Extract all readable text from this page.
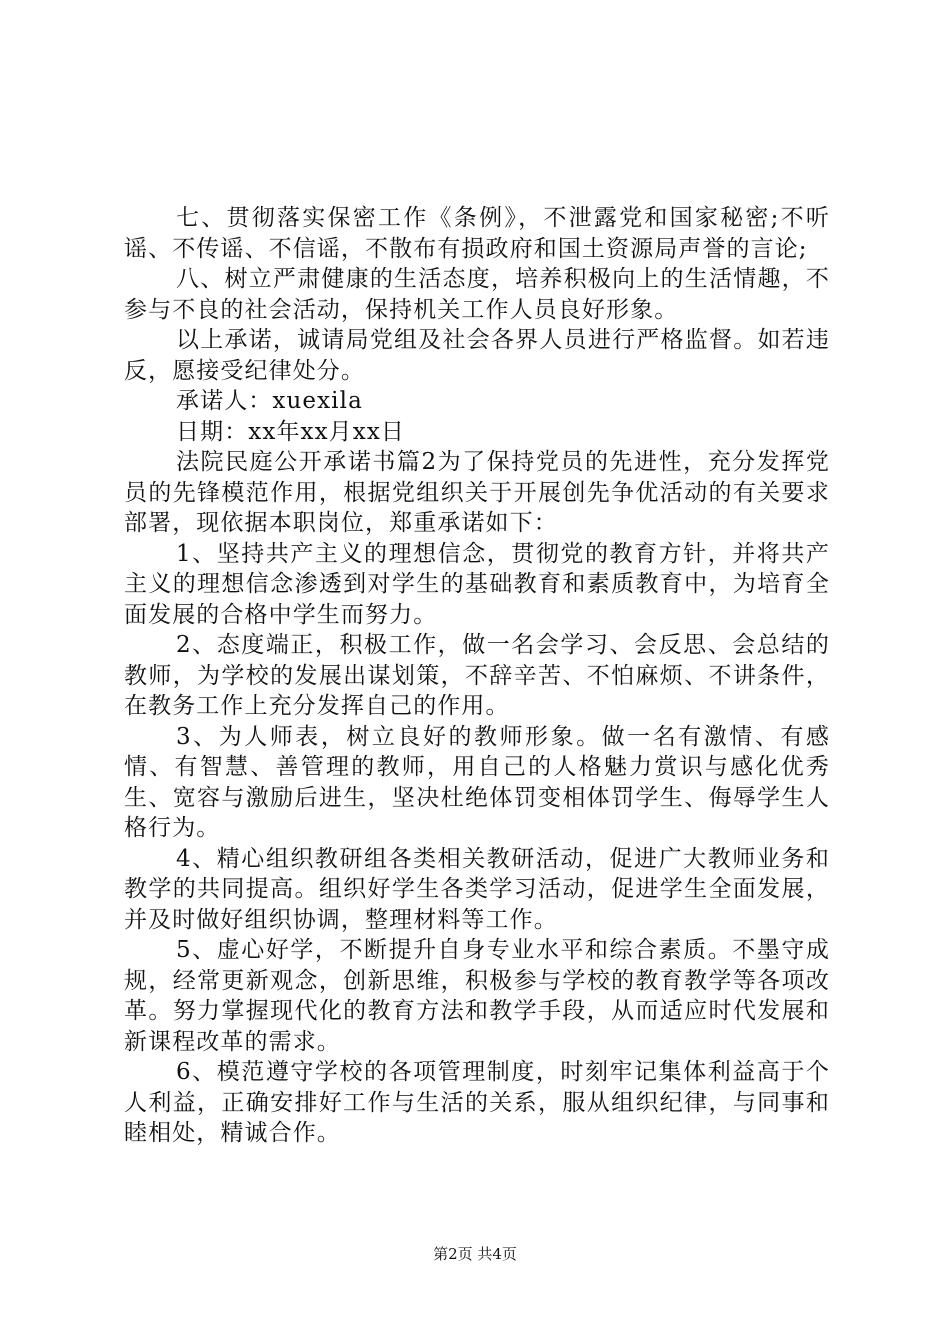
七、贯彻落实保密工作《条例》，不泄露党和国家秘密;不听谣、不传谣、不信谣，不散布有损政府和国土资源局声誉的言论;

八、树立严肃健康的生活态度，培养积极向上的生活情趣，不参与不良的社会活动，保持机关工作人员良好形象。

以上承诺，诚请局党组及社会各界人员进行严格监督。如若违反，愿接受纪律处分。

承诺人：xuexila

日期：xx年xx月xx日

法院民庭公开承诺书篇2为了保持党员的先进性，充分发挥党员的先锋模范作用，根据党组织关于开展创先争优活动的有关要求部署，现依据本职岗位，郑重承诺如下：

1、坚持共产主义的理想信念，贯彻党的教育方针，并将共产主义的理想信念渗透到对学生的基础教育和素质教育中，为培育全面发展的合格中学生而努力。

2、态度端正，积极工作，做一名会学习、会反思、会总结的教师，为学校的发展出谋划策，不辞辛苦、不怕麻烦、不讲条件，在教务工作上充分发挥自己的作用。

3、为人师表，树立良好的教师形象。做一名有激情、有感情、有智慧、善管理的教师，用自己的人格魅力赏识与感化优秀生、宽容与激励后进生，坚决杜绝体罚变相体罚学生、侮辱学生人格行为。

4、精心组织教研组各类相关教研活动，促进广大教师业务和教学的共同提高。组织好学生各类学习活动，促进学生全面发展，并及时做好组织协调，整理材料等工作。

5、虚心好学，不断提升自身专业水平和综合素质。不墨守成规，经常更新观念，创新思维，积极参与学校的教育教学等各项改革。努力掌握现代化的教育方法和教学手段，从而适应时代发展和新课程改革的需求。

6、模范遵守学校的各项管理制度，时刻牢记集体利益高于个人利益，正确安排好工作与生活的关系，服从组织纪律，与同事和睦相处，精诚合作。

第2页 共4页
